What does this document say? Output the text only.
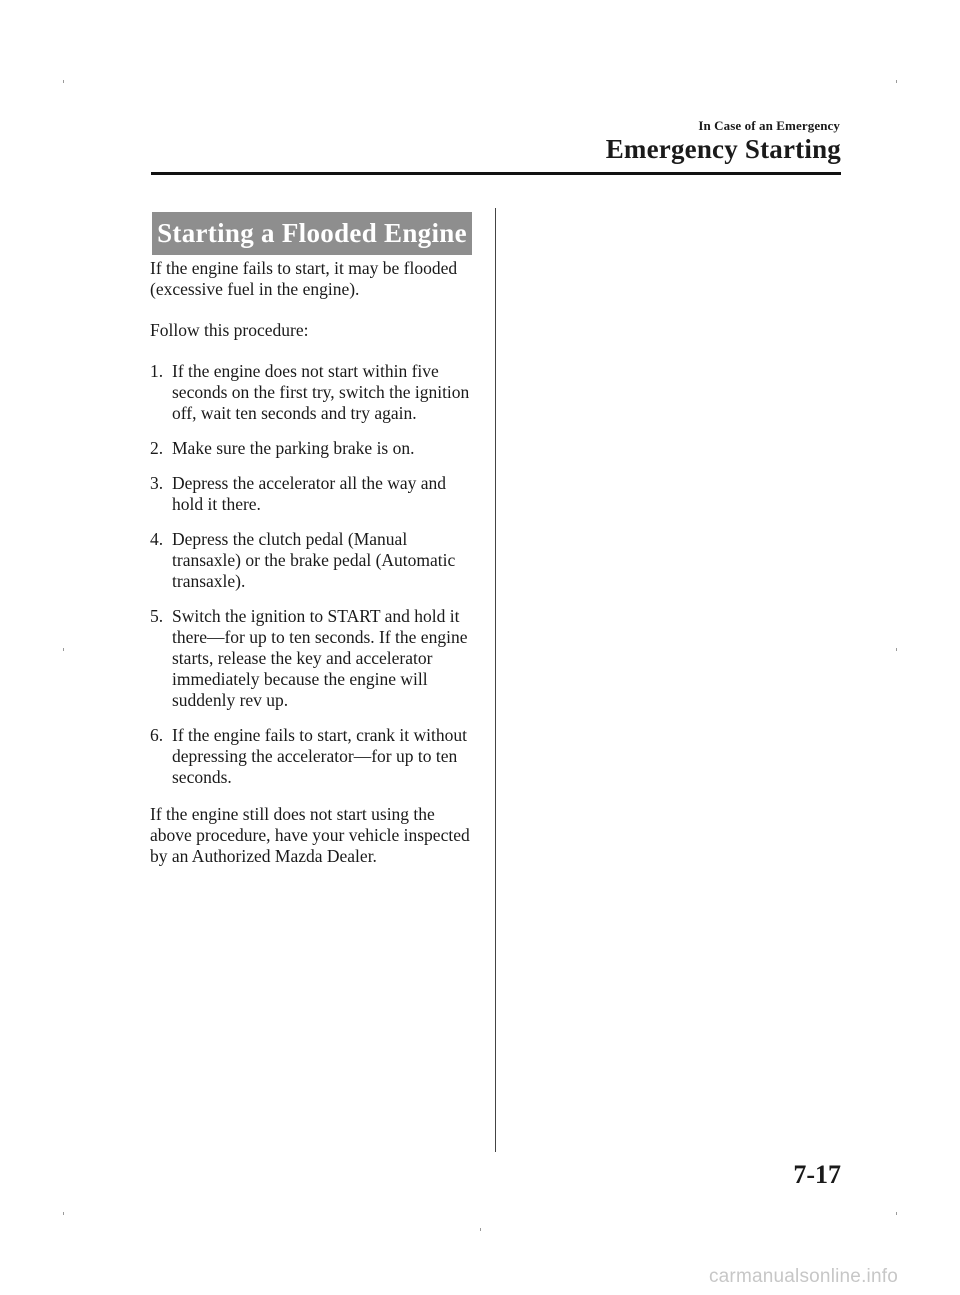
In Case of an Emergency
Emergency Starting
Starting a Flooded Engine

If the engine fails to start, it may be flooded (excessive fuel in the engine).

Follow this procedure:

1. If the engine does not start within five seconds on the first try, switch the ignition off, wait ten seconds and try again.
2. Make sure the parking brake is on.
3. Depress the accelerator all the way and hold it there.
4. Depress the clutch pedal (Manual transaxle) or the brake pedal (Automatic transaxle).
5. Switch the ignition to START and hold it there―for up to ten seconds. If the engine starts, release the key and accelerator immediately because the engine will suddenly rev up.
6. If the engine fails to start, crank it without depressing the accelerator―for up to ten seconds.

If the engine still does not start using the above procedure, have your vehicle inspected by an Authorized Mazda Dealer.

7-17
carmanualsonline.info
